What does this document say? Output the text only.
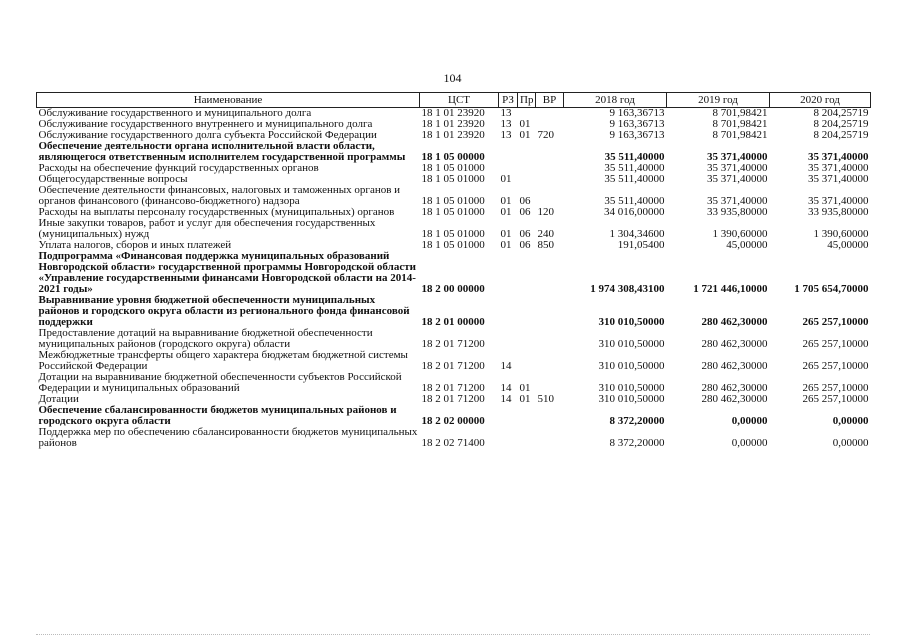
104
Наименование	ЦСТ	РЗ	Пр	ВР	2018 год	2019 год	2020 год
Обслуживание государственного и муниципального долга	18 1 01 23920	13			9 163,36713	8 701,98421	8 204,25719
Обслуживание государственного внутреннего и муниципального долга	18 1 01 23920	13	01		9 163,36713	8 701,98421	8 204,25719
Обслуживание государственного долга субъекта Российской Федерации	18 1 01 23920	13	01	720	9 163,36713	8 701,98421	8 204,25719
Обеспечение деятельности органа исполнительной власти области, являющегося ответственным исполнителем государственной программы	18 1 05 00000				35 511,40000	35 371,40000	35 371,40000
Расходы на обеспечение функций государственных органов	18 1 05 01000				35 511,40000	35 371,40000	35 371,40000
Общегосударственные вопросы	18 1 05 01000	01			35 511,40000	35 371,40000	35 371,40000
Обеспечение деятельности финансовых, налоговых и таможенных органов и органов финансового (финансово-бюджетного) надзора	18 1 05 01000	01	06		35 511,40000	35 371,40000	35 371,40000
Расходы на выплаты персоналу государственных (муниципальных) органов	18 1 05 01000	01	06	120	34 016,00000	33 935,80000	33 935,80000
Иные закупки товаров, работ и услуг для обеспечения государственных (муниципальных) нужд	18 1 05 01000	01	06	240	1 304,34600	1 390,60000	1 390,60000
Уплата налогов, сборов и иных платежей	18 1 05 01000	01	06	850	191,05400	45,00000	45,00000
Подпрограмма «Финансовая поддержка муниципальных образований Новгородской области» государственной программы Новгородской области «Управление государственными финансами Новгородской области на 2014-2021 годы»	18 2 00 00000				1 974 308,43100	1 721 446,10000	1 705 654,70000
Выравнивание уровня бюджетной обеспеченности муниципальных районов и городского округа области из регионального фонда финансовой поддержки	18 2 01 00000				310 010,50000	280 462,30000	265 257,10000
Предоставление дотаций на выравнивание бюджетной обеспеченности муниципальных районов (городского округа) области	18 2 01 71200				310 010,50000	280 462,30000	265 257,10000
Межбюджетные трансферты общего характера бюджетам бюджетной системы Российской Федерации	18 2 01 71200	14			310 010,50000	280 462,30000	265 257,10000
Дотации на выравнивание бюджетной обеспеченности субъектов Российской Федерации и муниципальных образований	18 2 01 71200	14	01		310 010,50000	280 462,30000	265 257,10000
Дотации	18 2 01 71200	14	01	510	310 010,50000	280 462,30000	265 257,10000
Обеспечение сбалансированности бюджетов муниципальных районов и городского округа области	18 2 02 00000				8 372,20000	0,00000	0,00000
Поддержка мер по обеспечению сбалансированности бюджетов муниципальных районов	18 2 02 71400				8 372,20000	0,00000	0,00000
